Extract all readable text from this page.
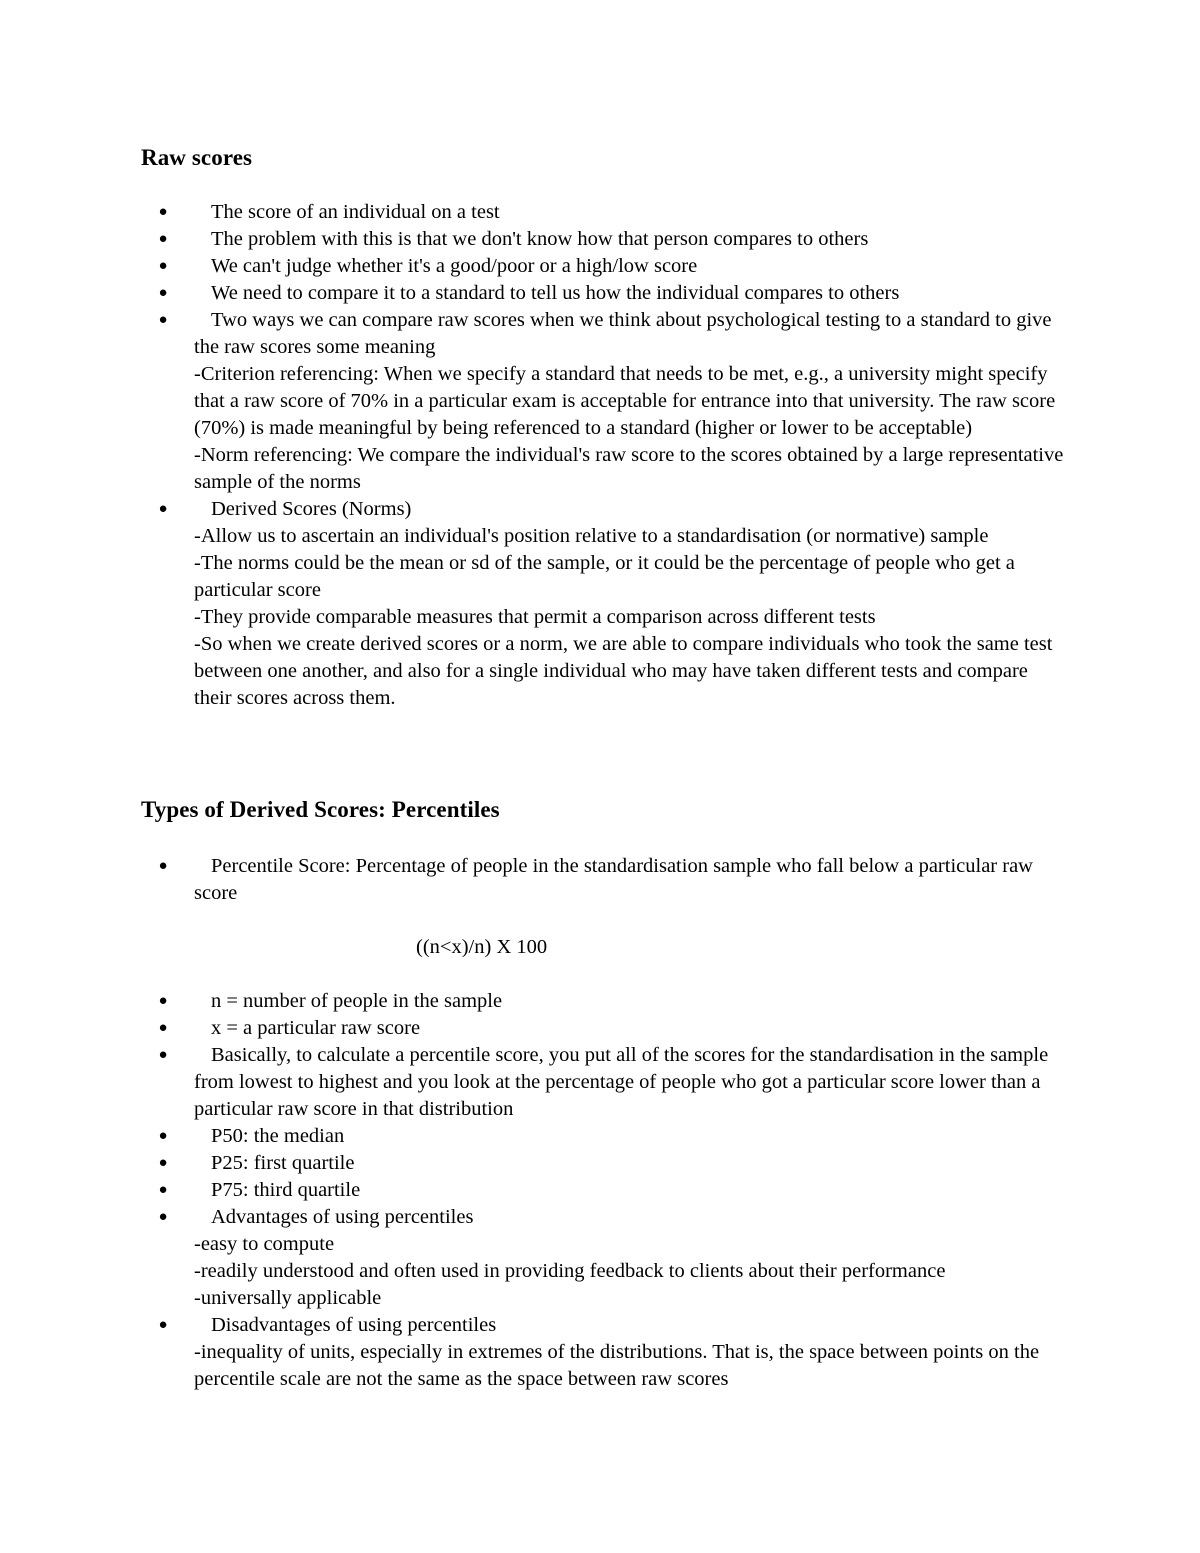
Raw scores
●	The score of an individual on a test
●	The problem with this is that we don't know how that person compares to others
●	We can't judge whether it's a good/poor or a high/low score
●	We need to compare it to a standard to tell us how the individual compares to others
●	Two ways we can compare raw scores when we think about psychological testing to a standard to give the raw scores some meaning
-Criterion referencing: When we specify a standard that needs to be met, e.g., a university might specify that a raw score of 70% in a particular exam is acceptable for entrance into that university. The raw score (70%) is made meaningful by being referenced to a standard (higher or lower to be acceptable)
-Norm referencing: We compare the individual's raw score to the scores obtained by a large representative sample of the norms
●	Derived Scores (Norms)
-Allow us to ascertain an individual's position relative to a standardisation (or normative) sample
-The norms could be the mean or sd of the sample, or it could be the percentage of people who get a particular score
-They provide comparable measures that permit a comparison across different tests
-So when we create derived scores or a norm, we are able to compare individuals who took the same test between one another, and also for a single individual who may have taken different tests and compare their scores across them.
Types of Derived Scores: Percentiles
●	Percentile Score: Percentage of people in the standardisation sample who fall below a particular raw score
((n<x)/n) X 100
●	n = number of people in the sample
●	x = a particular raw score
●	Basically, to calculate a percentile score, you put all of the scores for the standardisation in the sample from lowest to highest and you look at the percentage of people who got a particular score lower than a particular raw score in that distribution
●	P50: the median
●	P25: first quartile
●	P75: third quartile
●	Advantages of using percentiles
-easy to compute
-readily understood and often used in providing feedback to clients about their performance
-universally applicable
●	Disadvantages of using percentiles
-inequality of units, especially in extremes of the distributions. That is, the space between points on the percentile scale are not the same as the space between raw scores
